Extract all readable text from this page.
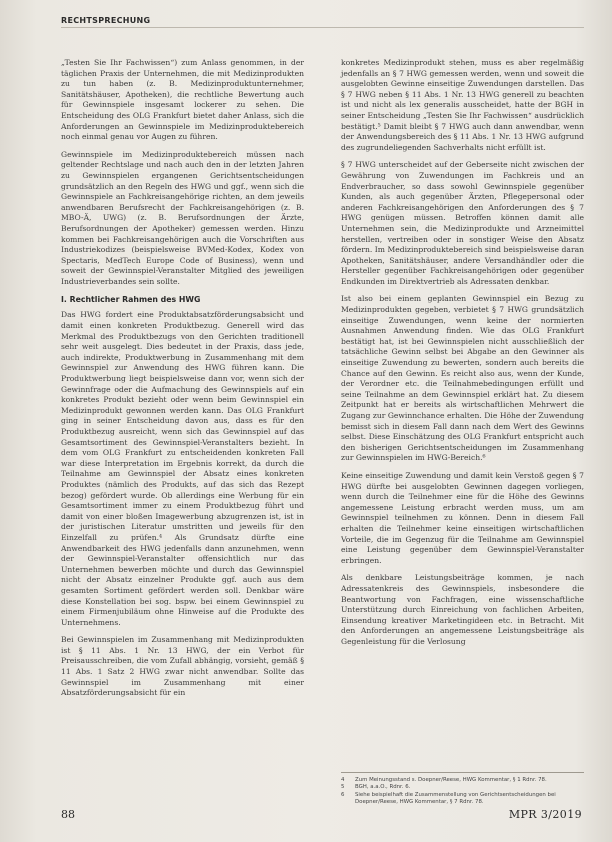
RECHTSPRECHUNG

„Testen Sie Ihr Fachwissen“) zum Anlass genommen, in der täglichen Praxis der Unternehmen, die mit Medizinprodukten zu tun haben (z. B. Medizinproduktunternehmer, Sanitätshäuser, Apotheken), die rechtliche Bewertung auch für Gewinnspiele insgesamt lockerer zu sehen. Die Entscheidung des OLG Frankfurt bietet daher Anlass, sich die Anforderungen an Gewinnspiele im Medizinproduktebereich noch einmal genau vor Augen zu führen.

Gewinnspiele im Medizinproduktebereich müssen nach geltender Rechtslage und nach auch den in der letzten Jahren zu Gewinnspielen ergangenen Gerichtsentscheidungen grundsätzlich an den Regeln des HWG und ggf., wenn sich die Gewinnspiele an Fachkreisangehörige richten, an dem jeweils anwendbaren Berufsrecht der Fachkreisangehörigen (z. B. MBO-Ä, UWG) (z. B. Berufsordnungen der Ärzte, Berufsordnungen der Apotheker) gemessen werden. Hinzu kommen bei Fachkreisangehörigen auch die Vorschriften aus Industriekodizes (beispielsweise BVMed-Kodex, Kodex von Spectaris, MedTech Europe Code of Business), wenn und soweit der Gewinnspiel-Veranstalter Mitglied des jeweiligen Industrieverbandes sein sollte.

I. Rechtlicher Rahmen des HWG

Das HWG fordert eine Produktabsatzförderungsabsicht und damit einen konkreten Produktbezug. Generell wird das Merkmal des Produktbezugs von den Gerichten traditionell sehr weit ausgelegt. Dies bedeutet in der Praxis, dass jede, auch indirekte, Produktwerbung in Zusammenhang mit dem Gewinnspiel zur Anwendung des HWG führen kann. Die Produktwerbung liegt beispielsweise dann vor, wenn sich der Gewinnfrage oder die Aufmachung des Gewinnspiels auf ein konkretes Produkt bezieht oder wenn beim Gewinnspiel ein Medizinprodukt gewonnen werden kann. Das OLG Frankfurt ging in seiner Entscheidung davon aus, dass es für den Produktbezug ausreicht, wenn sich das Gewinnspiel auf das Gesamtsortiment des Gewinnspiel-Veranstalters bezieht. In dem vom OLG Frankfurt zu entscheidenden konkreten Fall war diese Interpretation im Ergebnis korrekt, da durch die Teilnahme am Gewinnspiel der Absatz eines konkreten Produktes (nämlich des Produkts, auf das sich das Rezept bezog) gefördert wurde. Ob allerdings eine Werbung für ein Gesamtsortiment immer zu einem Produktbezug führt und damit von einer bloßen Imagewerbung abzugrenzen ist, ist in der juristischen Literatur umstritten und jeweils für den Einzelfall zu prüfen.⁴ Als Grundsatz dürfte eine Anwendbarkeit des HWG jedenfalls dann anzunehmen, wenn der Gewinnspiel-Veranstalter offensichtlich nur das Unternehmen bewerben möchte und durch das Gewinnspiel nicht der Absatz einzelner Produkte ggf. auch aus dem gesamten Sortiment gefördert werden soll. Denkbar wäre diese Konstellation bei sog. bspw. bei einem Gewinnspiel zu einem Firmenjubiläum ohne Hinweise auf die Produkte des Unternehmens.

Bei Gewinnspielen im Zusammenhang mit Medizinprodukten ist § 11 Abs. 1 Nr. 13 HWG, der ein Verbot für Preisausschreiben, die vom Zufall abhängig, vorsieht, gemäß § 11 Abs. 1 Satz 2 HWG zwar nicht anwendbar. Sollte das Gewinnspiel im Zusammenhang mit einer Absatzförderungsabsicht für ein

konkretes Medizinprodukt stehen, muss es aber regelmäßig jedenfalls an § 7 HWG gemessen werden, wenn und soweit die ausgelobten Gewinne einseitige Zuwendungen darstellen. Das § 7 HWG neben § 11 Abs. 1 Nr. 13 HWG generell zu beachten ist und nicht als lex generalis ausscheidet, hatte der BGH in seiner Entscheidung „Testen Sie Ihr Fachwissen“ ausdrücklich bestätigt.⁵ Damit bleibt § 7 HWG auch dann anwendbar, wenn der Anwendungsbereich des § 11 Abs. 1 Nr. 13 HWG aufgrund des zugrundeliegenden Sachverhalts nicht erfüllt ist.

§ 7 HWG unterscheidet auf der Geberseite nicht zwischen der Gewährung von Zuwendungen im Fachkreis und an Endverbraucher, so dass sowohl Gewinnspiele gegenüber Kunden, als auch gegenüber Ärzten, Pflegepersonal oder anderen Fachkreisangehörigen den Anforderungen des § 7 HWG genügen müssen. Betroffen können damit alle Unternehmen sein, die Medizinprodukte und Arzneimittel herstellen, vertreiben oder in sonstiger Weise den Absatz fördern. Im Medizinproduktebereich sind beispielsweise daran Apotheken, Sanitätshäuser, andere Versandhändler oder die Hersteller gegenüber Fachkreisangehörigen oder gegenüber Endkunden im Direktvertrieb als Adressaten denkbar.

Ist also bei einem geplanten Gewinnspiel ein Bezug zu Medizinprodukten gegeben, verbietet § 7 HWG grundsätzlich einseitige Zuwendungen, wenn keine der normierten Ausnahmen Anwendung finden. Wie das OLG Frankfurt bestätigt hat, ist bei Gewinnspielen nicht ausschließlich der tatsächliche Gewinn selbst bei Abgabe an den Gewinner als einseitige Zuwendung zu bewerten, sondern auch bereits die Chance auf den Gewinn. Es reicht also aus, wenn der Kunde, der Verordner etc. die Teilnahmebedingungen erfüllt und seine Teilnahme an dem Gewinnspiel erklärt hat. Zu diesem Zeitpunkt hat er bereits als wirtschaftlichen Mehrwert die Zugang zur Gewinnchance erhalten. Die Höhe der Zuwendung bemisst sich in diesem Fall dann nach dem Wert des Gewinns selbst. Diese Einschätzung des OLG Frankfurt entspricht auch den bisherigen Gerichtsentscheidungen im Zusammenhang zur Gewinnspielen im HWG-Bereich.⁶

Keine einseitige Zuwendung und damit kein Verstoß gegen § 7 HWG dürfte bei ausgelobten Gewinnen dagegen vorliegen, wenn durch die Teilnehmer eine für die Höhe des Gewinns angemessene Leistung erbracht werden muss, um am Gewinnspiel teilnehmen zu können. Denn in diesem Fall erhalten die Teilnehmer keine einseitigen wirtschaftlichen Vorteile, die im Gegenzug für die Teilnahme am Gewinnspiel eine Leistung gegenüber dem Gewinnspiel-Veranstalter erbringen.

Als denkbare Leistungsbeiträge kommen, je nach Adressatenkreis des Gewinnspiels, insbesondere die Beantwortung von Fachfragen, eine wissenschaftliche Unterstützung durch Einreichung von fachlichen Arbeiten, Einsendung kreativer Marketingideen etc. in Betracht. Mit den Anforderungen an angemessene Leistungsbeiträge als Gegenleistung für die Verlosung

4	Zum Meinungsstand s. Doepner/Reese, HWG Kommentar, § 1 Rdnr. 78.
5	BGH, a.a.O., Rdnr. 6.
6	Siehe beispielhaft die Zusammenstellung von Gerichtsentscheidungen bei Doepner/Reese, HWG Kommentar, § 7 Rdnr. 78.
88	MPR 3/2019
